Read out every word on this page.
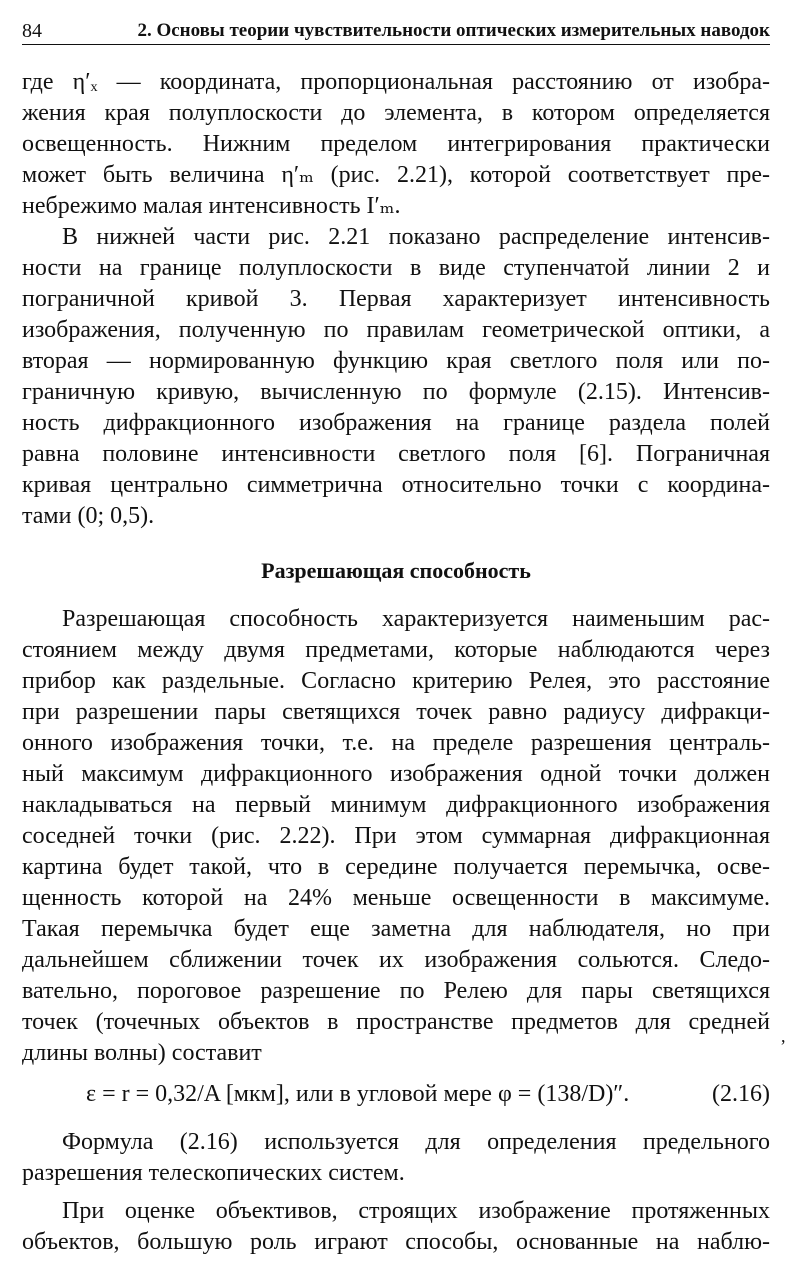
84	2. Основы теории чувствительности оптических измерительных наводок
где η′ₓ — координата, пропорциональная расстоянию от изобра-
жения края полуплоскости до элемента, в котором определяется
освещенность. Нижним пределом интегрирования практически
может быть величина η′ₘ (рис. 2.21), которой соответствует пре-
небрежимо малая интенсивность I′ₘ.
В нижней части рис. 2.21 показано распределение интенсив-
ности на границе полуплоскости в виде ступенчатой линии 2 и
пограничной кривой 3. Первая характеризует интенсивность
изображения, полученную по правилам геометрической оптики, а
вторая — нормированную функцию края светлого поля или по-
граничную кривую, вычисленную по формуле (2.15). Интенсив-
ность дифракционного изображения на границе раздела полей
равна половине интенсивности светлого поля [6]. Пограничная
кривая центрально симметрична относительно точки с координа-
тами (0; 0,5).
Разрешающая способность
Разрешающая способность характеризуется наименьшим рас-
стоянием между двумя предметами, которые наблюдаются через
прибор как раздельные. Согласно критерию Релея, это расстояние
при разрешении пары светящихся точек равно радиусу дифракци-
онного изображения точки, т.е. на пределе разрешения централь-
ный максимум дифракционного изображения одной точки должен
накладываться на первый минимум дифракционного изображения
соседней точки (рис. 2.22). При этом суммарная дифракционная
картина будет такой, что в середине получается перемычка, осве-
щенность которой на 24% меньше освещенности в максимуме.
Такая перемычка будет еще заметна для наблюдателя, но при
дальнейшем сближении точек их изображения сольются. Следо-
вательно, пороговое разрешение по Релею для пары светящихся
точек (точечных объектов в пространстве предметов для средней
длины волны) составит
,
ε = r = 0,32/A [мкм], или в угловой мере φ = (138/D)″.	(2.16)
Формула (2.16) используется для определения предельного
разрешения телескопических систем.
При оценке объективов, строящих изображение протяженных
объектов, большую роль играют способы, основанные на наблю-
